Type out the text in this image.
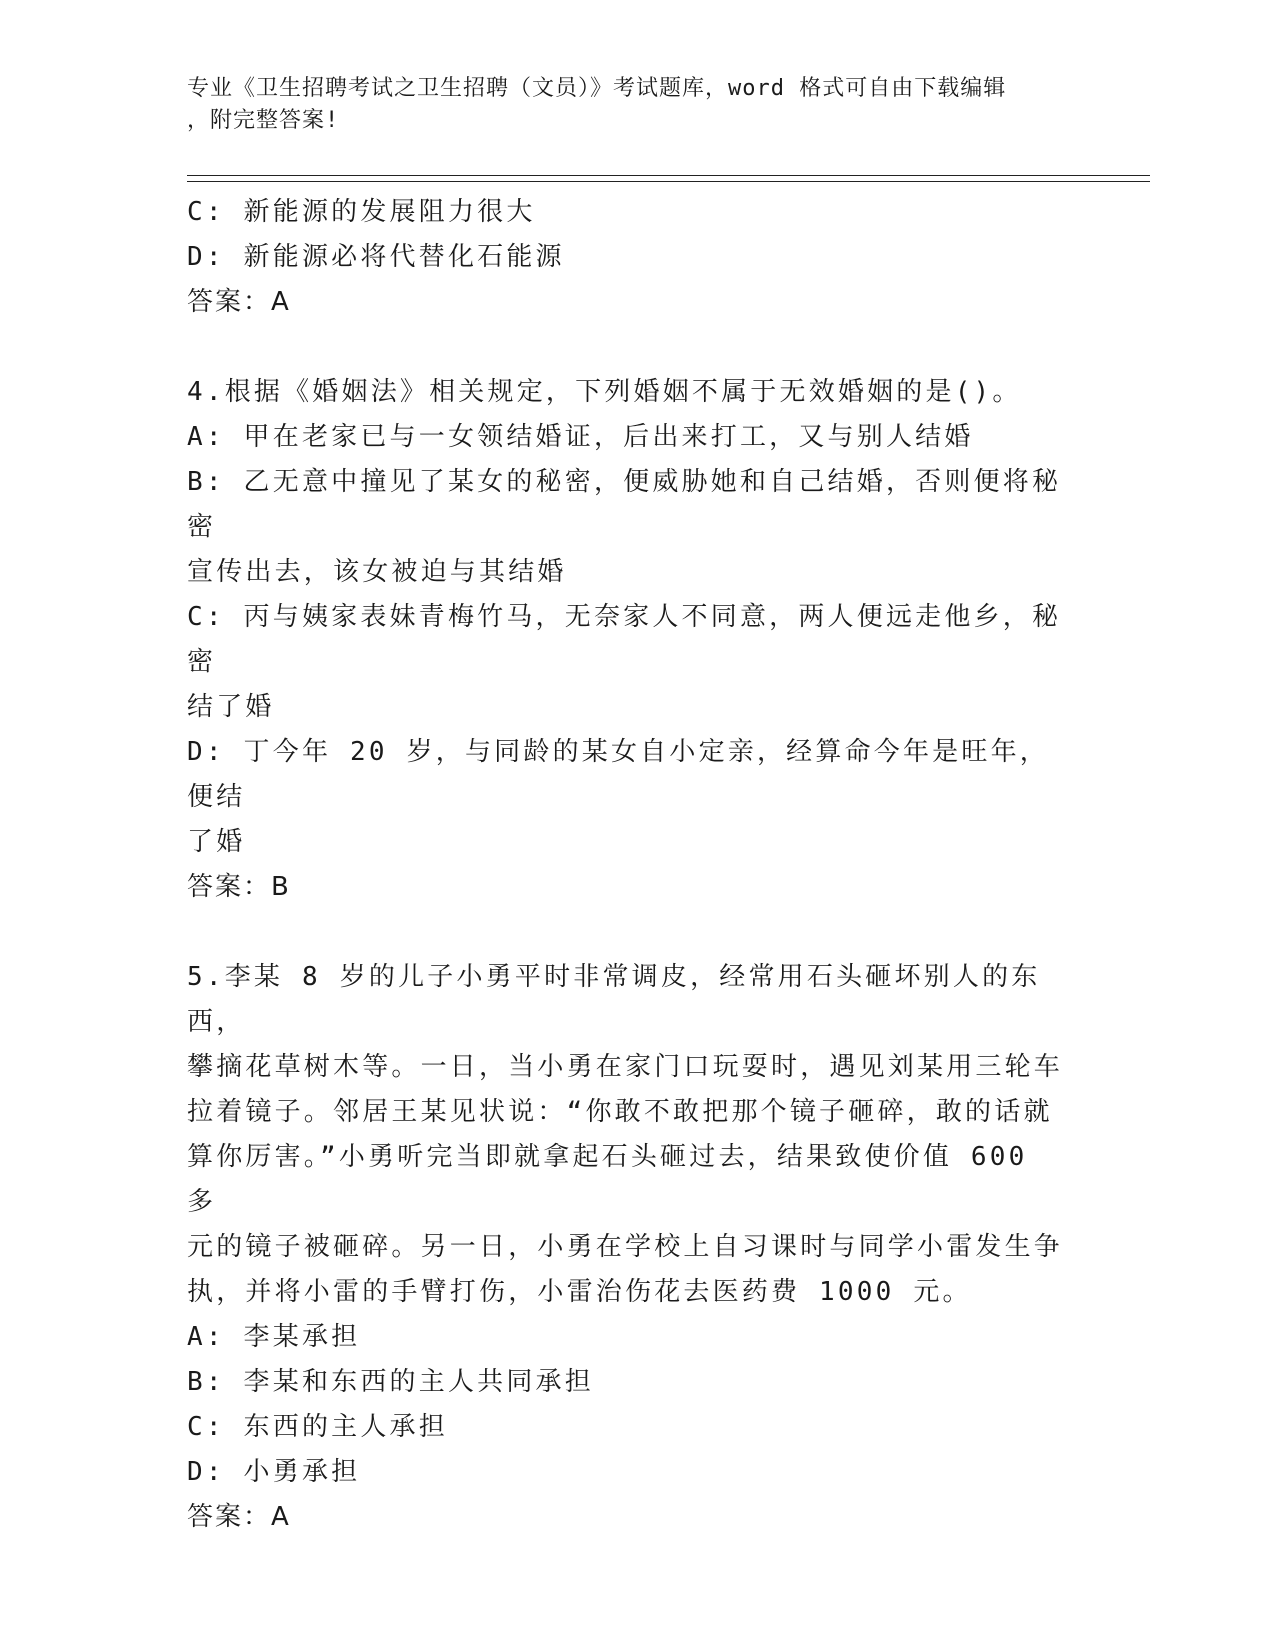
专业《卫生招聘考试之卫生招聘（文员）》考试题库，word 格式可自由下载编辑
，附完整答案!

C: 新能源的发展阻力很大

D: 新能源必将代替化石能源

答案：A

4.根据《婚姻法》相关规定，下列婚姻不属于无效婚姻的是()。

A: 甲在老家已与一女领结婚证，后出来打工，又与别人结婚

B: 乙无意中撞见了某女的秘密，便威胁她和自己结婚，否则便将秘密

宣传出去，该女被迫与其结婚

C: 丙与姨家表妹青梅竹马，无奈家人不同意，两人便远走他乡，秘密

结了婚

D: 丁今年 20 岁，与同龄的某女自小定亲，经算命今年是旺年，便结

了婚

答案：B

5.李某 8 岁的儿子小勇平时非常调皮，经常用石头砸坏别人的东西，

攀摘花草树木等。一日，当小勇在家门口玩耍时，遇见刘某用三轮车

拉着镜子。邻居王某见状说：“你敢不敢把那个镜子砸碎，敢的话就

算你厉害。”小勇听完当即就拿起石头砸过去，结果致使价值 600 多

元的镜子被砸碎。另一日，小勇在学校上自习课时与同学小雷发生争

执，并将小雷的手臂打伤，小雷治伤花去医药费 1000 元。

A: 李某承担

B: 李某和东西的主人共同承担

C: 东西的主人承担

D: 小勇承担

答案：A
